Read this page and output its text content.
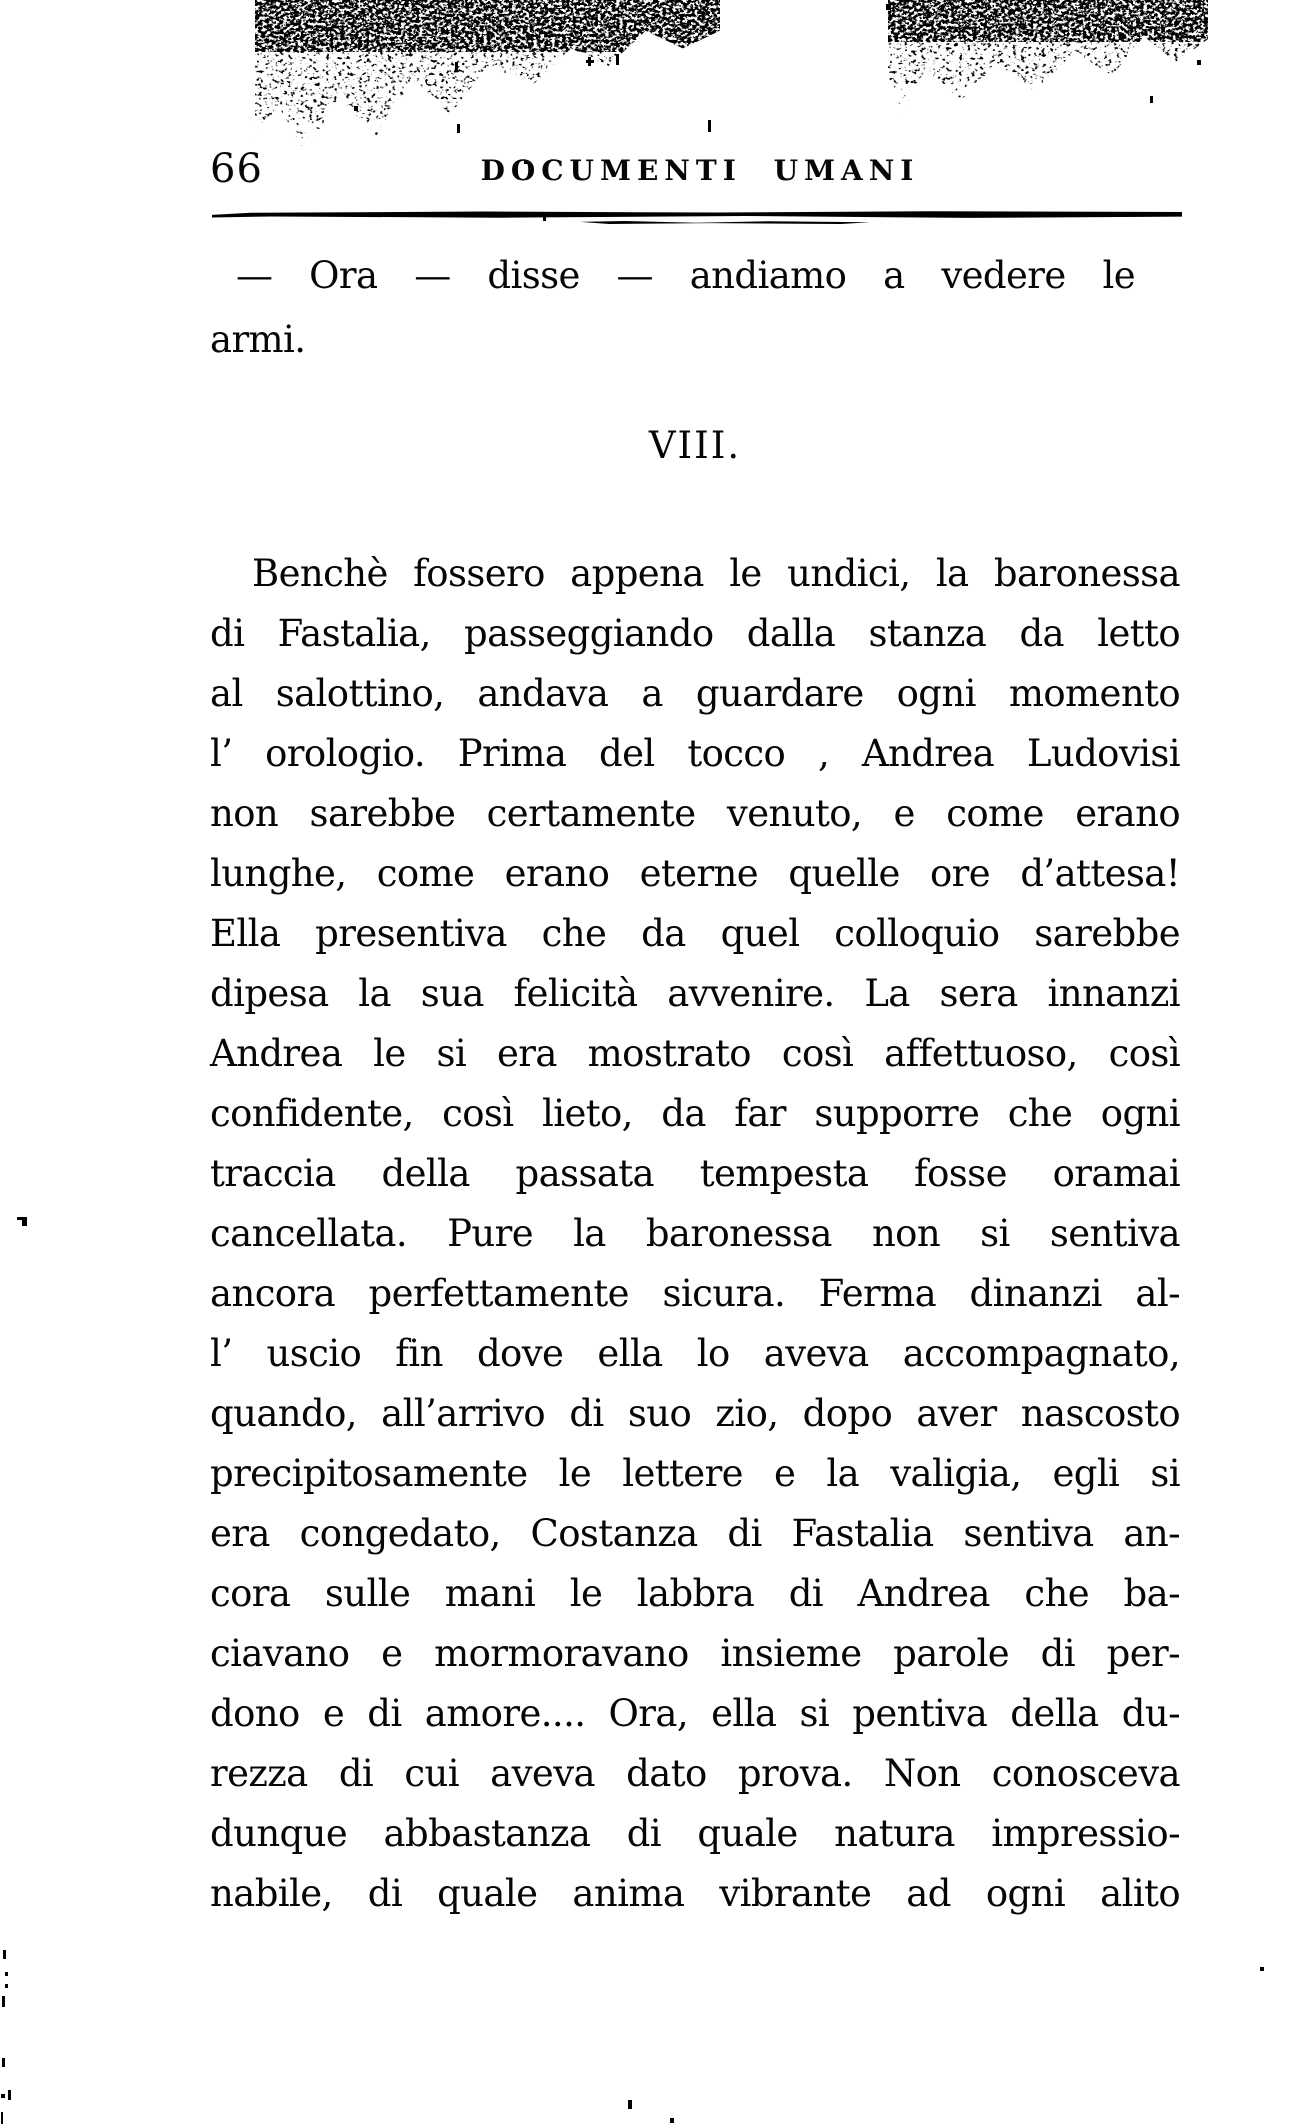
66	DOCUMENTI UMANI
— Ora — disse — andiamo a vedere le
armi.
VIII.
Benchè fossero appena le undici, la baronessa
di Fastalia, passeggiando dalla stanza da letto
al salottino, andava a guardare ogni momento
l’ orologio. Prima del tocco , Andrea Ludovisi
non sarebbe certamente venuto, e come erano
lunghe, come erano eterne quelle ore d’attesa!
Ella presentiva che da quel colloquio sarebbe
dipesa la sua felicità avvenire. La sera innanzi
Andrea le si era mostrato così affettuoso, così
confidente, così lieto, da far supporre che ogni
traccia della passata tempesta fosse oramai
cancellata. Pure la baronessa non si sentiva
ancora perfettamente sicura. Ferma dinanzi al-
l’ uscio fin dove ella lo aveva accompagnato,
quando, all’arrivo di suo zio, dopo aver nascosto
precipitosamente le lettere e la valigia, egli si
era congedato, Costanza di Fastalia sentiva an-
cora sulle mani le labbra di Andrea che ba-
ciavano e mormoravano insieme parole di per-
dono e di amore.... Ora, ella si pentiva della du-
rezza di cui aveva dato prova. Non conosceva
dunque abbastanza di quale natura impressio-
nabile, di quale anima vibrante ad ogni alito
